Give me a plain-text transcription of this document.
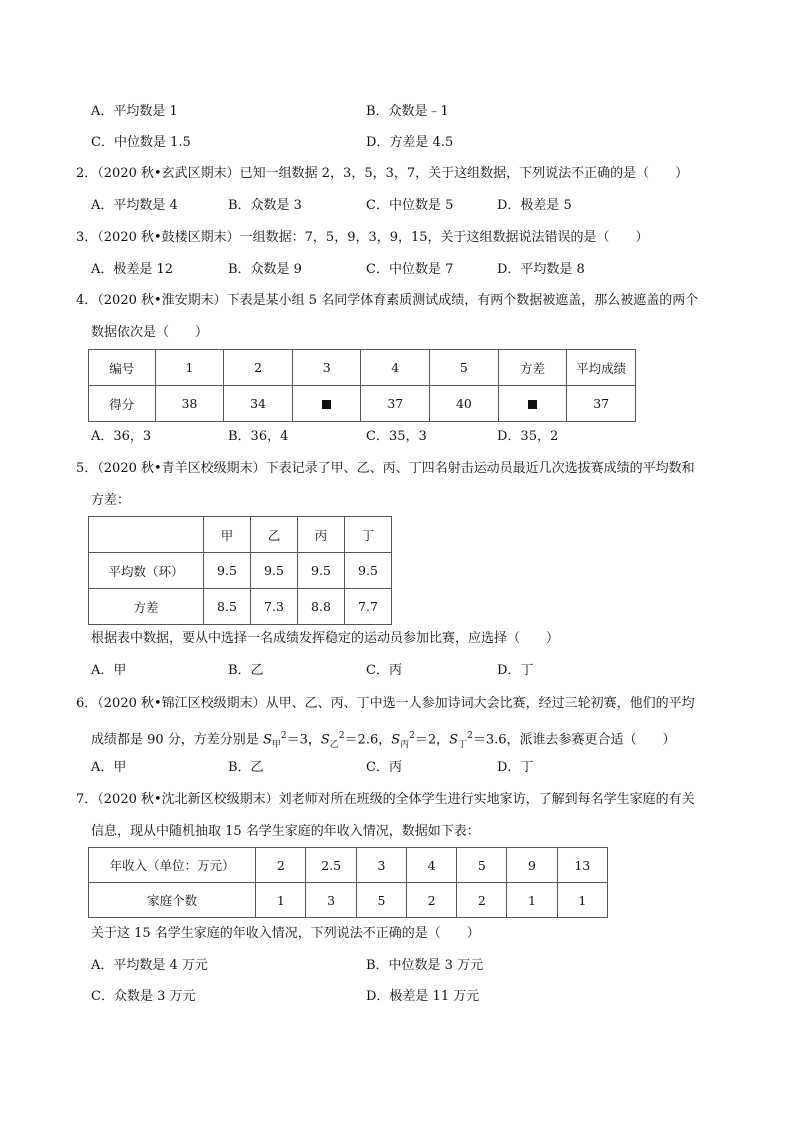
A．平均数是 1	B．众数是﹣1
C．中位数是 1.5	D．方差是 4.5
2．（2020 秋•玄武区期末）已知一组数据 2，3，5，3，7，关于这组数据，下列说法不正确的是（　　）
A．平均数是 4	B．众数是 3	C．中位数是 5	D．极差是 5
3．（2020 秋•鼓楼区期末）一组数据：7，5，9，3，9，15，关于这组数据说法错误的是（　　）
A．极差是 12	B．众数是 9	C．中位数是 7	D．平均数是 8
4．（2020 秋•淮安期末）下表是某小组 5 名同学体育素质测试成绩，有两个数据被遮盖，那么被遮盖的两个
数据依次是（　　）
编号	1	2	3	4	5	方差	平均成绩
得分	38	34		37	40		37
A．36，3	B．36，4	C．35，3	D．35，2
5．（2020 秋•青羊区校级期末）下表记录了甲、乙、丙、丁四名射击运动员最近几次选拔赛成绩的平均数和
方差：
	甲	乙	丙	丁
平均数（环）	9.5	9.5	9.5	9.5
方差	8.5	7.3	8.8	7.7
根据表中数据，要从中选择一名成绩发挥稳定的运动员参加比赛，应选择（　　）
A．甲	B．乙	C．丙	D．丁
6．（2020 秋•锦江区校级期末）从甲、乙、丙、丁中选一人参加诗词大会比赛，经过三轮初赛，他们的平均
成绩都是 90 分，方差分别是 $S_甲^2=3$，$S_乙^2=2.6$，$S_丙^2=2$，$S_丁^2=3.6$，派谁去参赛更合适（　　）
A．甲	B．乙	C．丙	D．丁
7．（2020 秋•沈北新区校级期末）刘老师对所在班级的全体学生进行实地家访，了解到每名学生家庭的有关
信息，现从中随机抽取 15 名学生家庭的年收入情况，数据如下表：
年收入（单位：万元）	2	2.5	3	4	5	9	13
家庭个数	1	3	5	2	2	1	1
关于这 15 名学生家庭的年收入情况，下列说法不正确的是（　　）
A．平均数是 4 万元	B．中位数是 3 万元
C．众数是 3 万元	D．极差是 11 万元
